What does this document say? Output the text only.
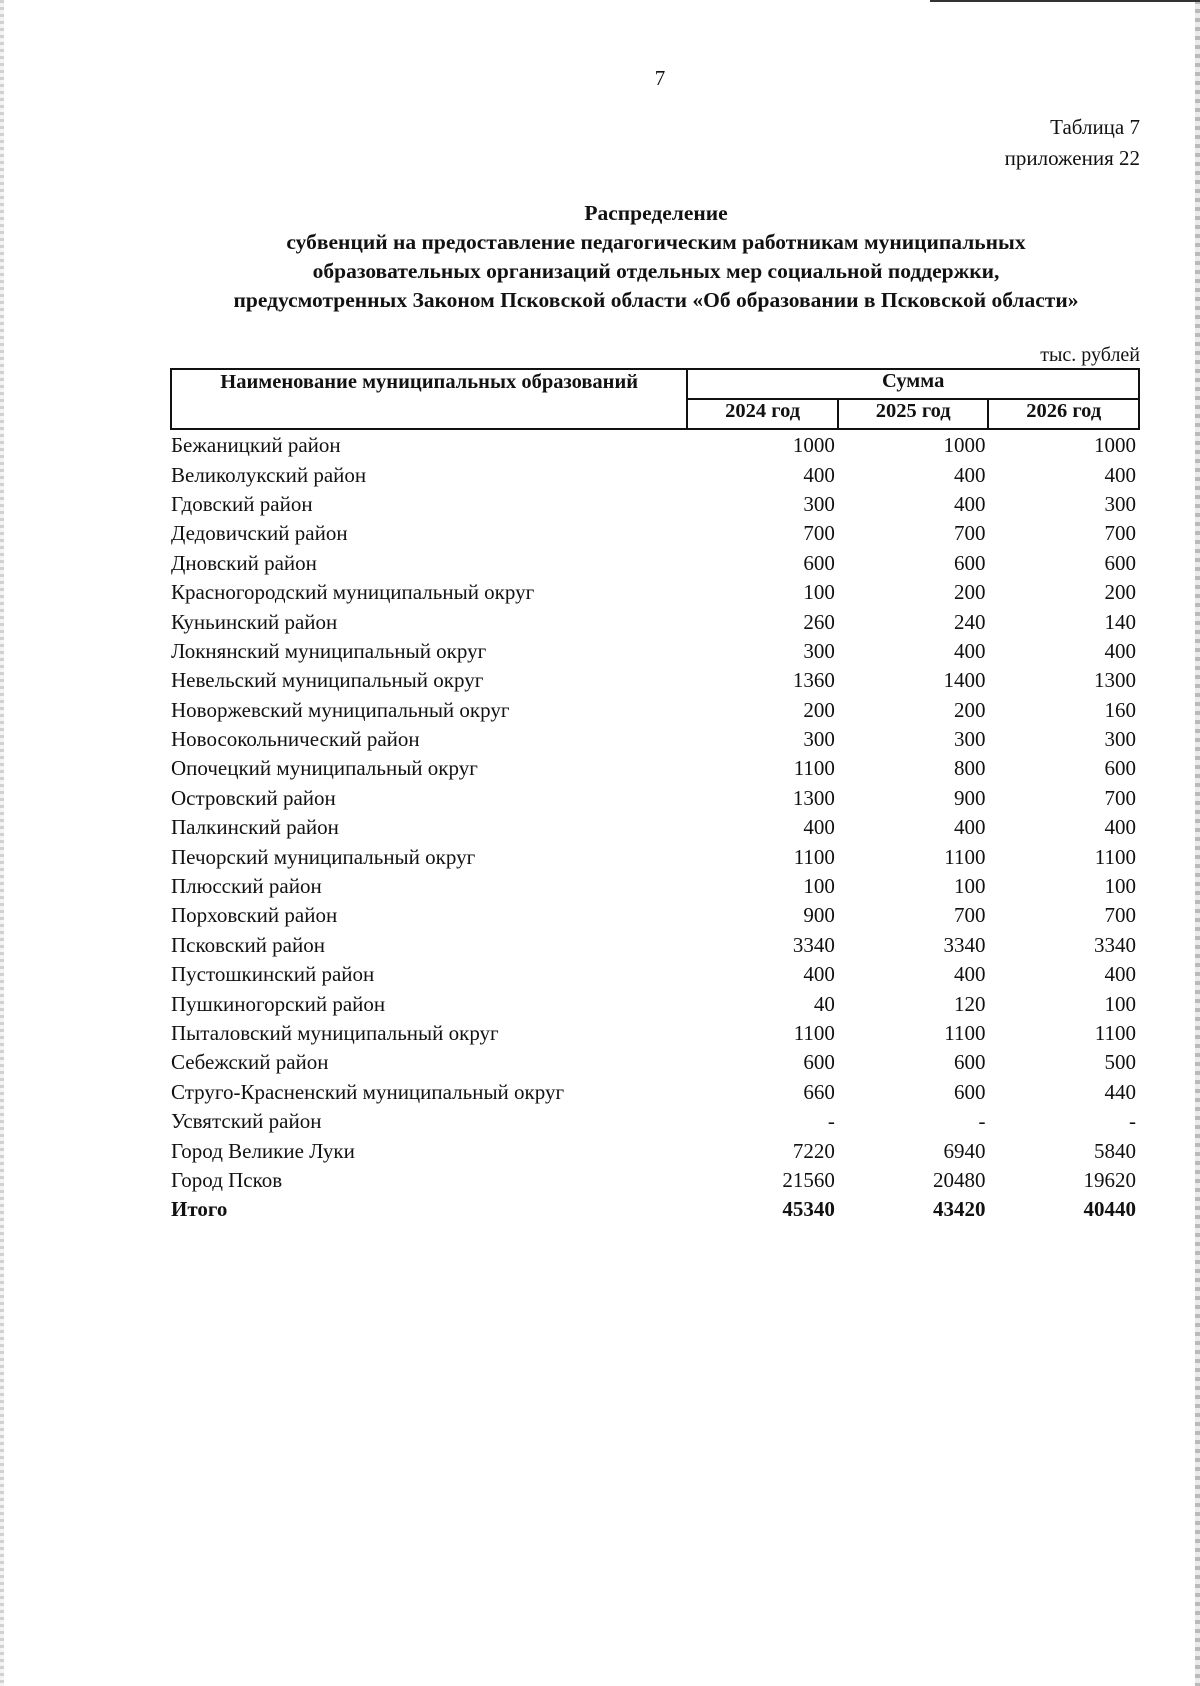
7
Таблица 7
приложения 22
Распределение
субвенций на предоставление педагогическим работникам муниципальных
образовательных организаций отдельных мер социальной поддержки,
предусмотренных Законом Псковской области «Об образовании в Псковской области»
тыс. рублей
Наименование муниципальных образований	Сумма		
	2024 год	2025 год	2026 год
Бежаницкий район	1000	1000	1000
Великолукский район	400	400	400
Гдовский район	300	400	300
Дедовичский район	700	700	700
Дновский район	600	600	600
Красногородский муниципальный округ	100	200	200
Куньинский район	260	240	140
Локнянский муниципальный округ	300	400	400
Невельский муниципальный округ	1360	1400	1300
Новоржевский муниципальный округ	200	200	160
Новосокольнический район	300	300	300
Опочецкий муниципальный округ	1100	800	600
Островский район	1300	900	700
Палкинский район	400	400	400
Печорский муниципальный округ	1100	1100	1100
Плюсский район	100	100	100
Порховский район	900	700	700
Псковский район	3340	3340	3340
Пустошкинский район	400	400	400
Пушкиногорский район	40	120	100
Пыталовский муниципальный округ	1100	1100	1100
Себежский район	600	600	500
Струго-Красненский муниципальный округ	660	600	440
Усвятский район	-	-	-
Город Великие Луки	7220	6940	5840
Город Псков	21560	20480	19620
Итого	45340	43420	40440
